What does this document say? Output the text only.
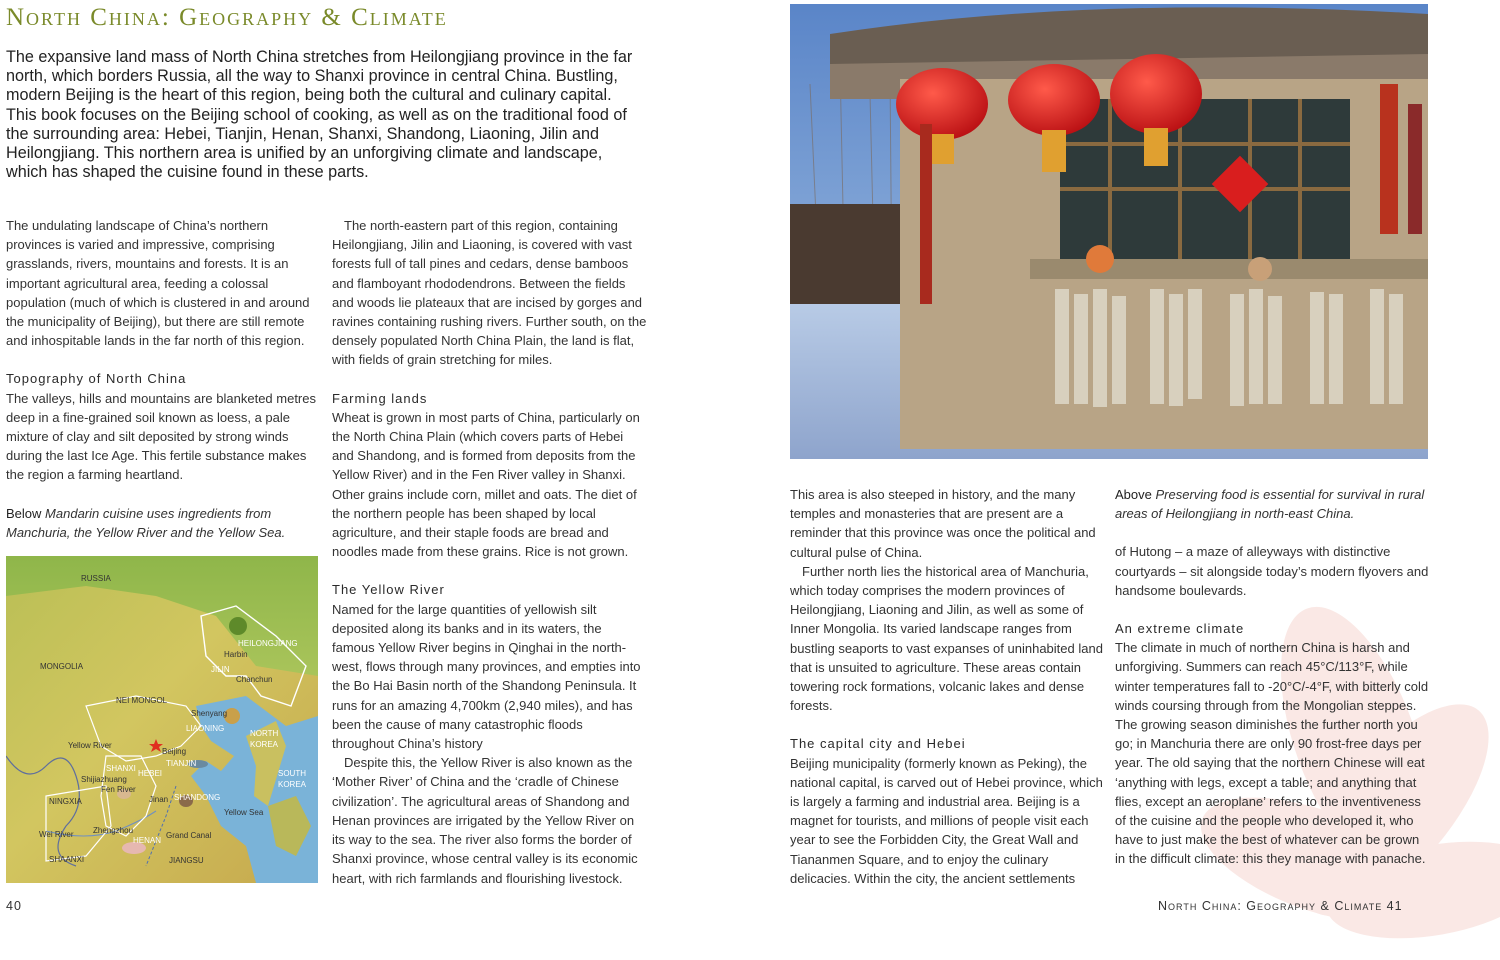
North China: Geography & Climate
The expansive land mass of North China stretches from Heilongjiang province in the far north, which borders Russia, all the way to Shanxi province in central China. Bustling, modern Beijing is the heart of this region, being both the cultural and culinary capital. This book focuses on the Beijing school of cooking, as well as on the traditional food of the surrounding area: Hebei, Tianjin, Henan, Shanxi, Shandong, Liaoning, Jilin and Heilongjiang. This northern area is unified by an unforgiving climate and landscape, which has shaped the cuisine found in these parts.

The undulating landscape of China’s northern provinces is varied and impressive, comprising grasslands, rivers, mountains and forests. It is an important agricultural area, feeding a colossal population (much of which is clustered in and around the municipality of Beijing), but there are still remote and inhospitable lands in the far north of this region.

Topography of North China

The valleys, hills and mountains are blanketed metres deep in a fine-grained soil known as loess, a pale mixture of clay and silt deposited by strong winds during the last Ice Age. This fertile substance makes the region a farming heartland.

Below Mandarin cuisine uses ingredients from Manchuria, the Yellow River and the Yellow Sea.

RUSSIA
MONGOLIA
HEILONGJIANG
Harbin
JILIN
Chanchun
NEI MONGOL
Shenyang
LIAONING
NORTH
KOREA
Yellow River
Beijing
TIANJIN
SHANXI
HEBEI
Shijiazhuang
Fen River
SOUTH
KOREA
Jinan SHANDONG
NINGXIA
Yellow Sea
Wei River Zhengzhou
Grand Canal
HENAN
SHAANXI	JIANGSU

The north-eastern part of this region, containing Heilongjiang, Jilin and Liaoning, is covered with vast forests full of tall pines and cedars, dense bamboos and flamboyant rhododendrons. Between the fields and woods lie plateaux that are incised by gorges and ravines containing rushing rivers. Further south, on the densely populated North China Plain, the land is flat, with fields of grain stretching for miles.

Farming lands

Wheat is grown in most parts of China, particularly on the North China Plain (which covers parts of Hebei and Shandong, and is formed from deposits from the Yellow River) and in the Fen River valley in Shanxi. Other grains include corn, millet and oats. The diet of the northern people has been shaped by local agriculture, and their staple foods are bread and noodles made from these grains. Rice is not grown.

The Yellow River

Named for the large quantities of yellowish silt deposited along its banks and in its waters, the famous Yellow River begins in Qinghai in the north-west, flows through many provinces, and empties into the Bo Hai Basin north of the Shandong Peninsula. It runs for an amazing 4,700km (2,940 miles), and has been the cause of many catastrophic floods throughout China’s history

Despite this, the Yellow River is also known as the ‘Mother River’ of China and the ‘cradle of Chinese civilization’. The agricultural areas of Shandong and Henan provinces are irrigated by the Yellow River on its way to the sea. The river also forms the border of Shanxi province, whose central valley is its economic heart, with rich farmlands and flourishing livestock.

40

This area is also steeped in history, and the many temples and monasteries that are present are a reminder that this province was once the political and cultural pulse of China.

Further north lies the historical area of Manchuria, which today comprises the modern provinces of Heilongjiang, Liaoning and Jilin, as well as some of Inner Mongolia. Its varied landscape ranges from bustling seaports to vast expanses of uninhabited land that is unsuited to agriculture. These areas contain towering rock formations, volcanic lakes and dense forests.

The capital city and Hebei

Beijing municipality (formerly known as Peking), the national capital, is carved out of Hebei province, which is largely a farming and industrial area. Beijing is a magnet for tourists, and millions of people visit each year to see the Forbidden City, the Great Wall and Tiananmen Square, and to enjoy the culinary delicacies. Within the city, the ancient settlements

Above Preserving food is essential for survival in rural areas of Heilongjiang in north-east China.

of Hutong – a maze of alleyways with distinctive courtyards – sit alongside today’s modern flyovers and handsome boulevards.

An extreme climate

The climate in much of northern China is harsh and unforgiving. Summers can reach 45°C/113°F, while winter temperatures fall to -20°C/-4°F, with bitterly cold winds coursing through from the Mongolian steppes. The growing season diminishes the further north you go; in Manchuria there are only 90 frost-free days per year. The old saying that the northern Chinese will eat ‘anything with legs, except a table; and anything that flies, except an aeroplane’ refers to the inventiveness of the cuisine and the people who developed it, who have to just make the best of whatever can be grown in the difficult climate: this they manage with panache.

North China: Geography & Climate 41
